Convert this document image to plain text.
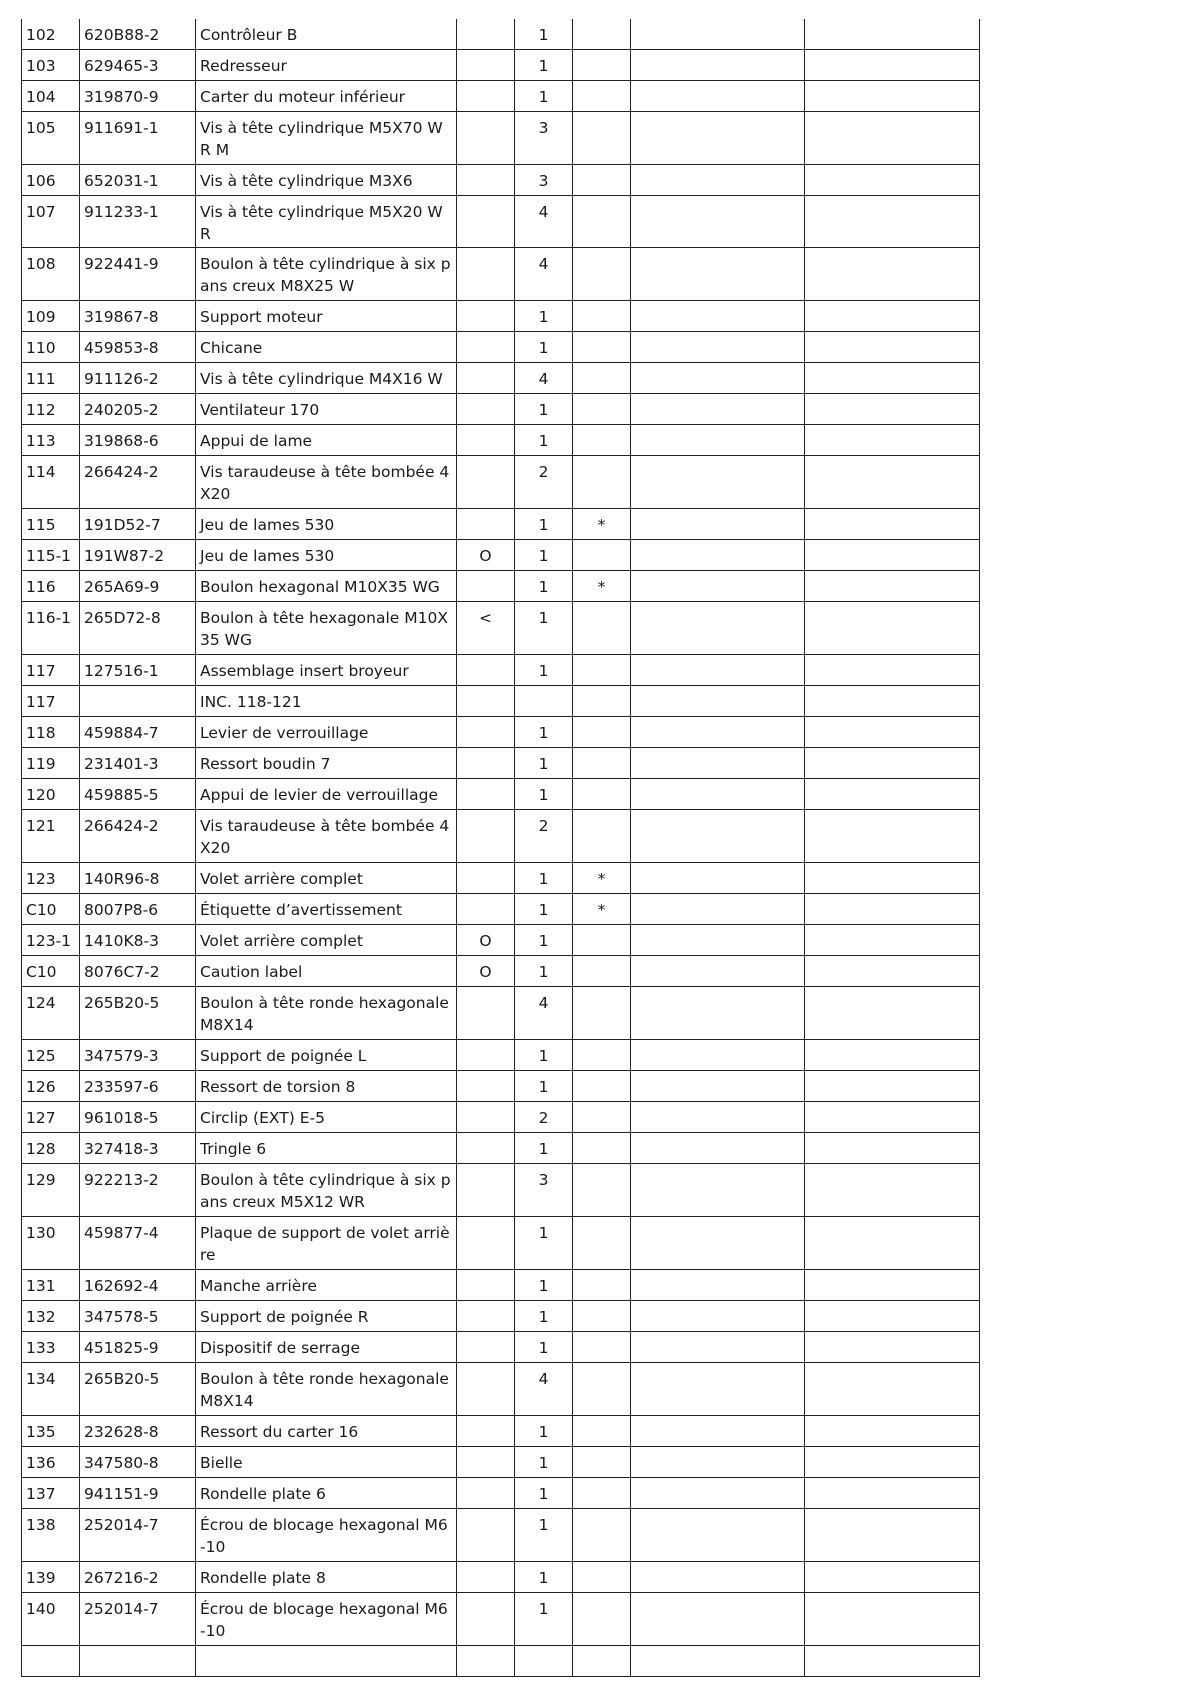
102	620B88-2	Contrôleur B		1			
103	629465-3	Redresseur		1			
104	319870-9	Carter du moteur inférieur		1			
105	911691-1	Vis à tête cylindrique M5X70 WR M		3			
106	652031-1	Vis à tête cylindrique M3X6		3			
107	911233-1	Vis à tête cylindrique M5X20 WR		4			
108	922441-9	Boulon à tête cylindrique à six pans creux M8X25 W		4			
109	319867-8	Support moteur		1			
110	459853-8	Chicane		1			
111	911126-2	Vis à tête cylindrique M4X16 W		4			
112	240205-2	Ventilateur 170		1			
113	319868-6	Appui de lame		1			
114	266424-2	Vis taraudeuse à tête bombée 4X20		2			
115	191D52-7	Jeu de lames 530		1	*		
115-1	191W87-2	Jeu de lames 530	O	1			
116	265A69-9	Boulon hexagonal M10X35 WG		1	*		
116-1	265D72-8	Boulon à tête hexagonale M10X35 WG	<	1			
117	127516-1	Assemblage insert broyeur		1			
117		INC. 118-121					
118	459884-7	Levier de verrouillage		1			
119	231401-3	Ressort boudin 7		1			
120	459885-5	Appui de levier de verrouillage		1			
121	266424-2	Vis taraudeuse à tête bombée 4X20		2			
123	140R96-8	Volet arrière complet		1	*		
C10	8007P8-6	Étiquette d’avertissement		1	*		
123-1	1410K8-3	Volet arrière complet	O	1			
C10	8076C7-2	Caution label	O	1			
124	265B20-5	Boulon à tête ronde hexagonale M8X14		4			
125	347579-3	Support de poignée L		1			
126	233597-6	Ressort de torsion 8		1			
127	961018-5	Circlip (EXT) E-5		2			
128	327418-3	Tringle 6		1			
129	922213-2	Boulon à tête cylindrique à six pans creux M5X12 WR		3			
130	459877-4	Plaque de support de volet arrière		1			
131	162692-4	Manche arrière		1			
132	347578-5	Support de poignée R		1			
133	451825-9	Dispositif de serrage		1			
134	265B20-5	Boulon à tête ronde hexagonale M8X14		4			
135	232628-8	Ressort du carter 16		1			
136	347580-8	Bielle		1			
137	941151-9	Rondelle plate 6		1			
138	252014-7	Écrou de blocage hexagonal M6-10		1			
139	267216-2	Rondelle plate 8		1			
140	252014-7	Écrou de blocage hexagonal M6-10		1			
